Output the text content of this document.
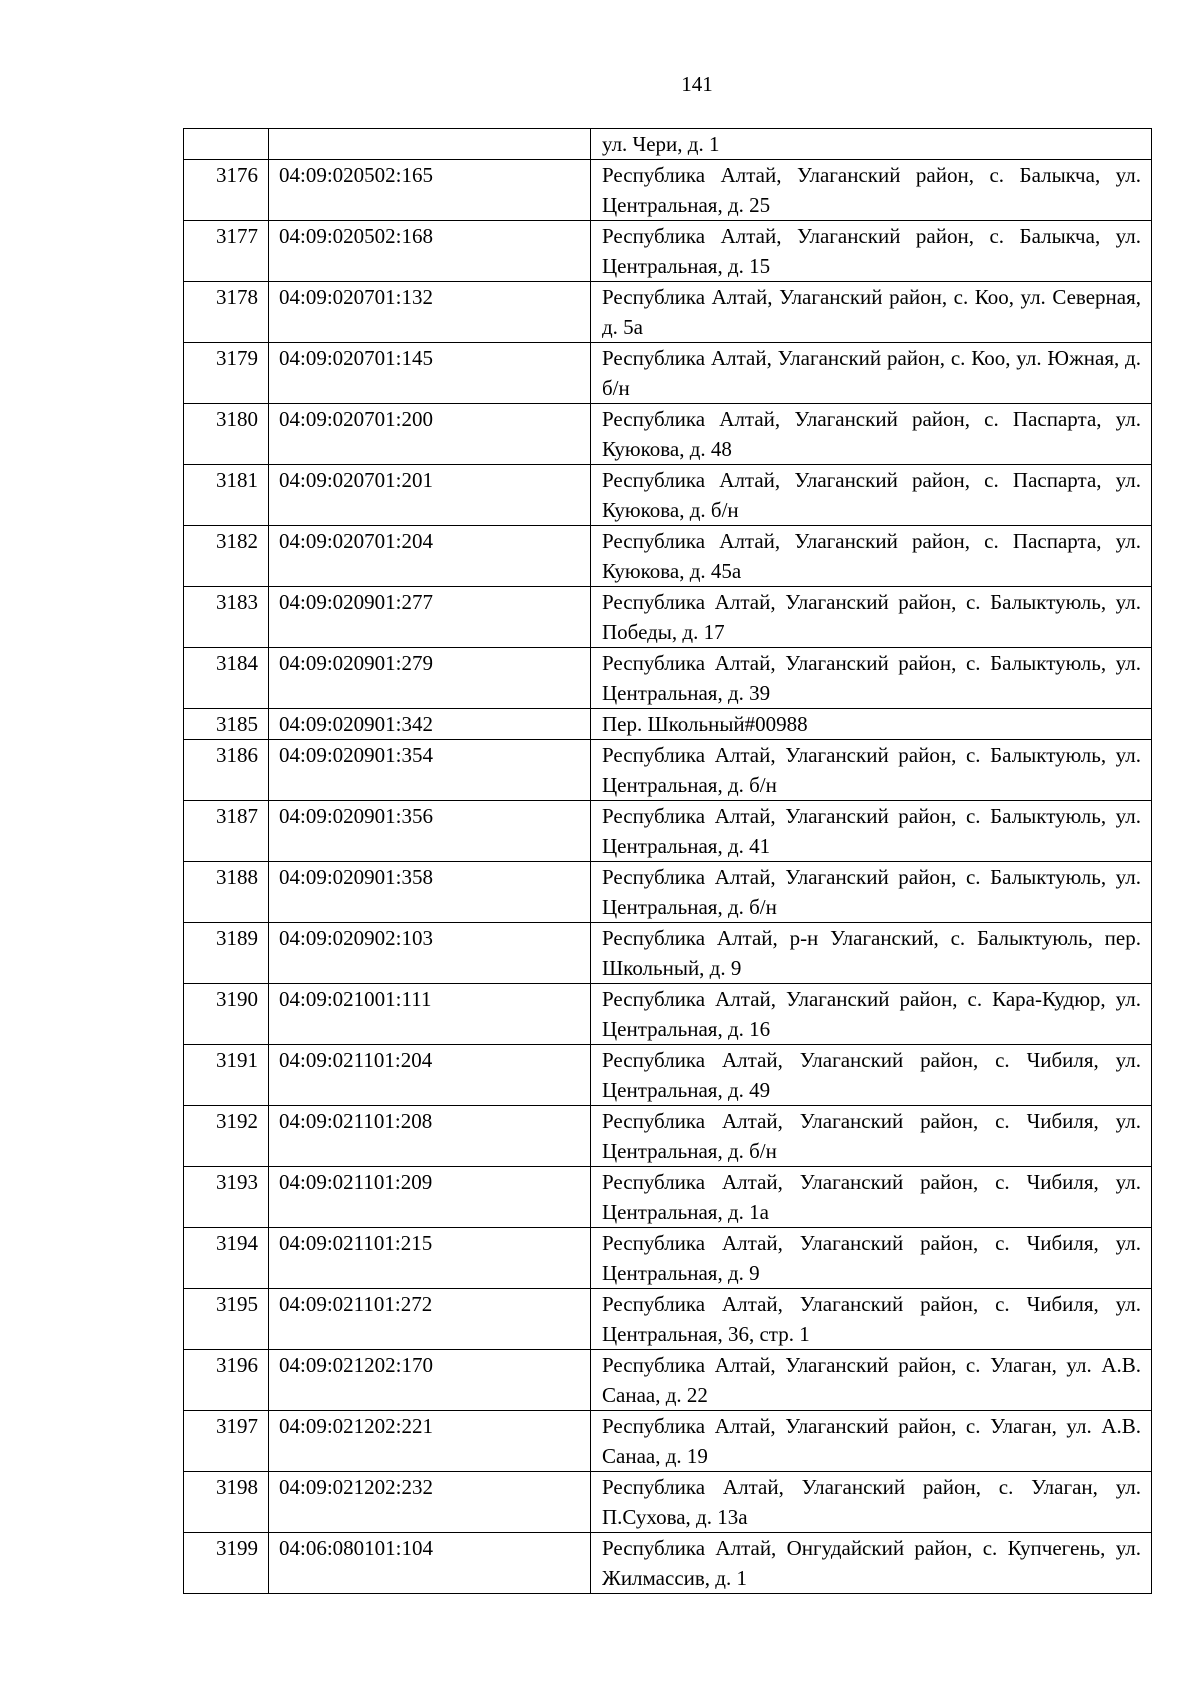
141
		ул. Чери, д. 1
3176	04:09:020502:165	Республика Алтай, Улаганский район, с. Балыкча, ул. Центральная, д. 25
3177	04:09:020502:168	Республика Алтай, Улаганский район, с. Балыкча, ул. Центральная, д. 15
3178	04:09:020701:132	Республика Алтай, Улаганский район, с. Коо, ул. Северная, д. 5а
3179	04:09:020701:145	Республика Алтай, Улаганский район, с. Коо, ул. Южная, д. б/н
3180	04:09:020701:200	Республика Алтай, Улаганский район, с. Паспарта, ул. Куюкова, д. 48
3181	04:09:020701:201	Республика Алтай, Улаганский район, с. Паспарта, ул. Куюкова, д. б/н
3182	04:09:020701:204	Республика Алтай, Улаганский район, с. Паспарта, ул. Куюкова, д. 45а
3183	04:09:020901:277	Республика Алтай, Улаганский район, с. Балыктуюль, ул. Победы, д. 17
3184	04:09:020901:279	Республика Алтай, Улаганский район, с. Балыктуюль, ул. Центральная, д. 39
3185	04:09:020901:342	Пер. Школьный#00988
3186	04:09:020901:354	Республика Алтай, Улаганский район, с. Балыктуюль, ул. Центральная, д. б/н
3187	04:09:020901:356	Республика Алтай, Улаганский район, с. Балыктуюль, ул. Центральная, д. 41
3188	04:09:020901:358	Республика Алтай, Улаганский район, с. Балыктуюль, ул. Центральная, д. б/н
3189	04:09:020902:103	Республика Алтай, р-н Улаганский, с. Балыктуюль, пер. Школьный, д. 9
3190	04:09:021001:111	Республика Алтай, Улаганский район, с. Кара-Кудюр, ул. Центральная, д. 16
3191	04:09:021101:204	Республика Алтай, Улаганский район, с. Чибиля, ул. Центральная, д. 49
3192	04:09:021101:208	Республика Алтай, Улаганский район, с. Чибиля, ул. Центральная, д. б/н
3193	04:09:021101:209	Республика Алтай, Улаганский район, с. Чибиля, ул. Центральная, д. 1а
3194	04:09:021101:215	Республика Алтай, Улаганский район, с. Чибиля, ул. Центральная, д. 9
3195	04:09:021101:272	Республика Алтай, Улаганский район, с. Чибиля, ул. Центральная, 36, стр. 1
3196	04:09:021202:170	Республика Алтай, Улаганский район, с. Улаган, ул. А.В. Санаа, д. 22
3197	04:09:021202:221	Республика Алтай, Улаганский район, с. Улаган, ул. А.В. Санаа, д. 19
3198	04:09:021202:232	Республика Алтай, Улаганский район, с. Улаган, ул. П.Сухова, д. 13а
3199	04:06:080101:104	Республика Алтай, Онгудайский район, с. Купчегень, ул. Жилмассив, д. 1
